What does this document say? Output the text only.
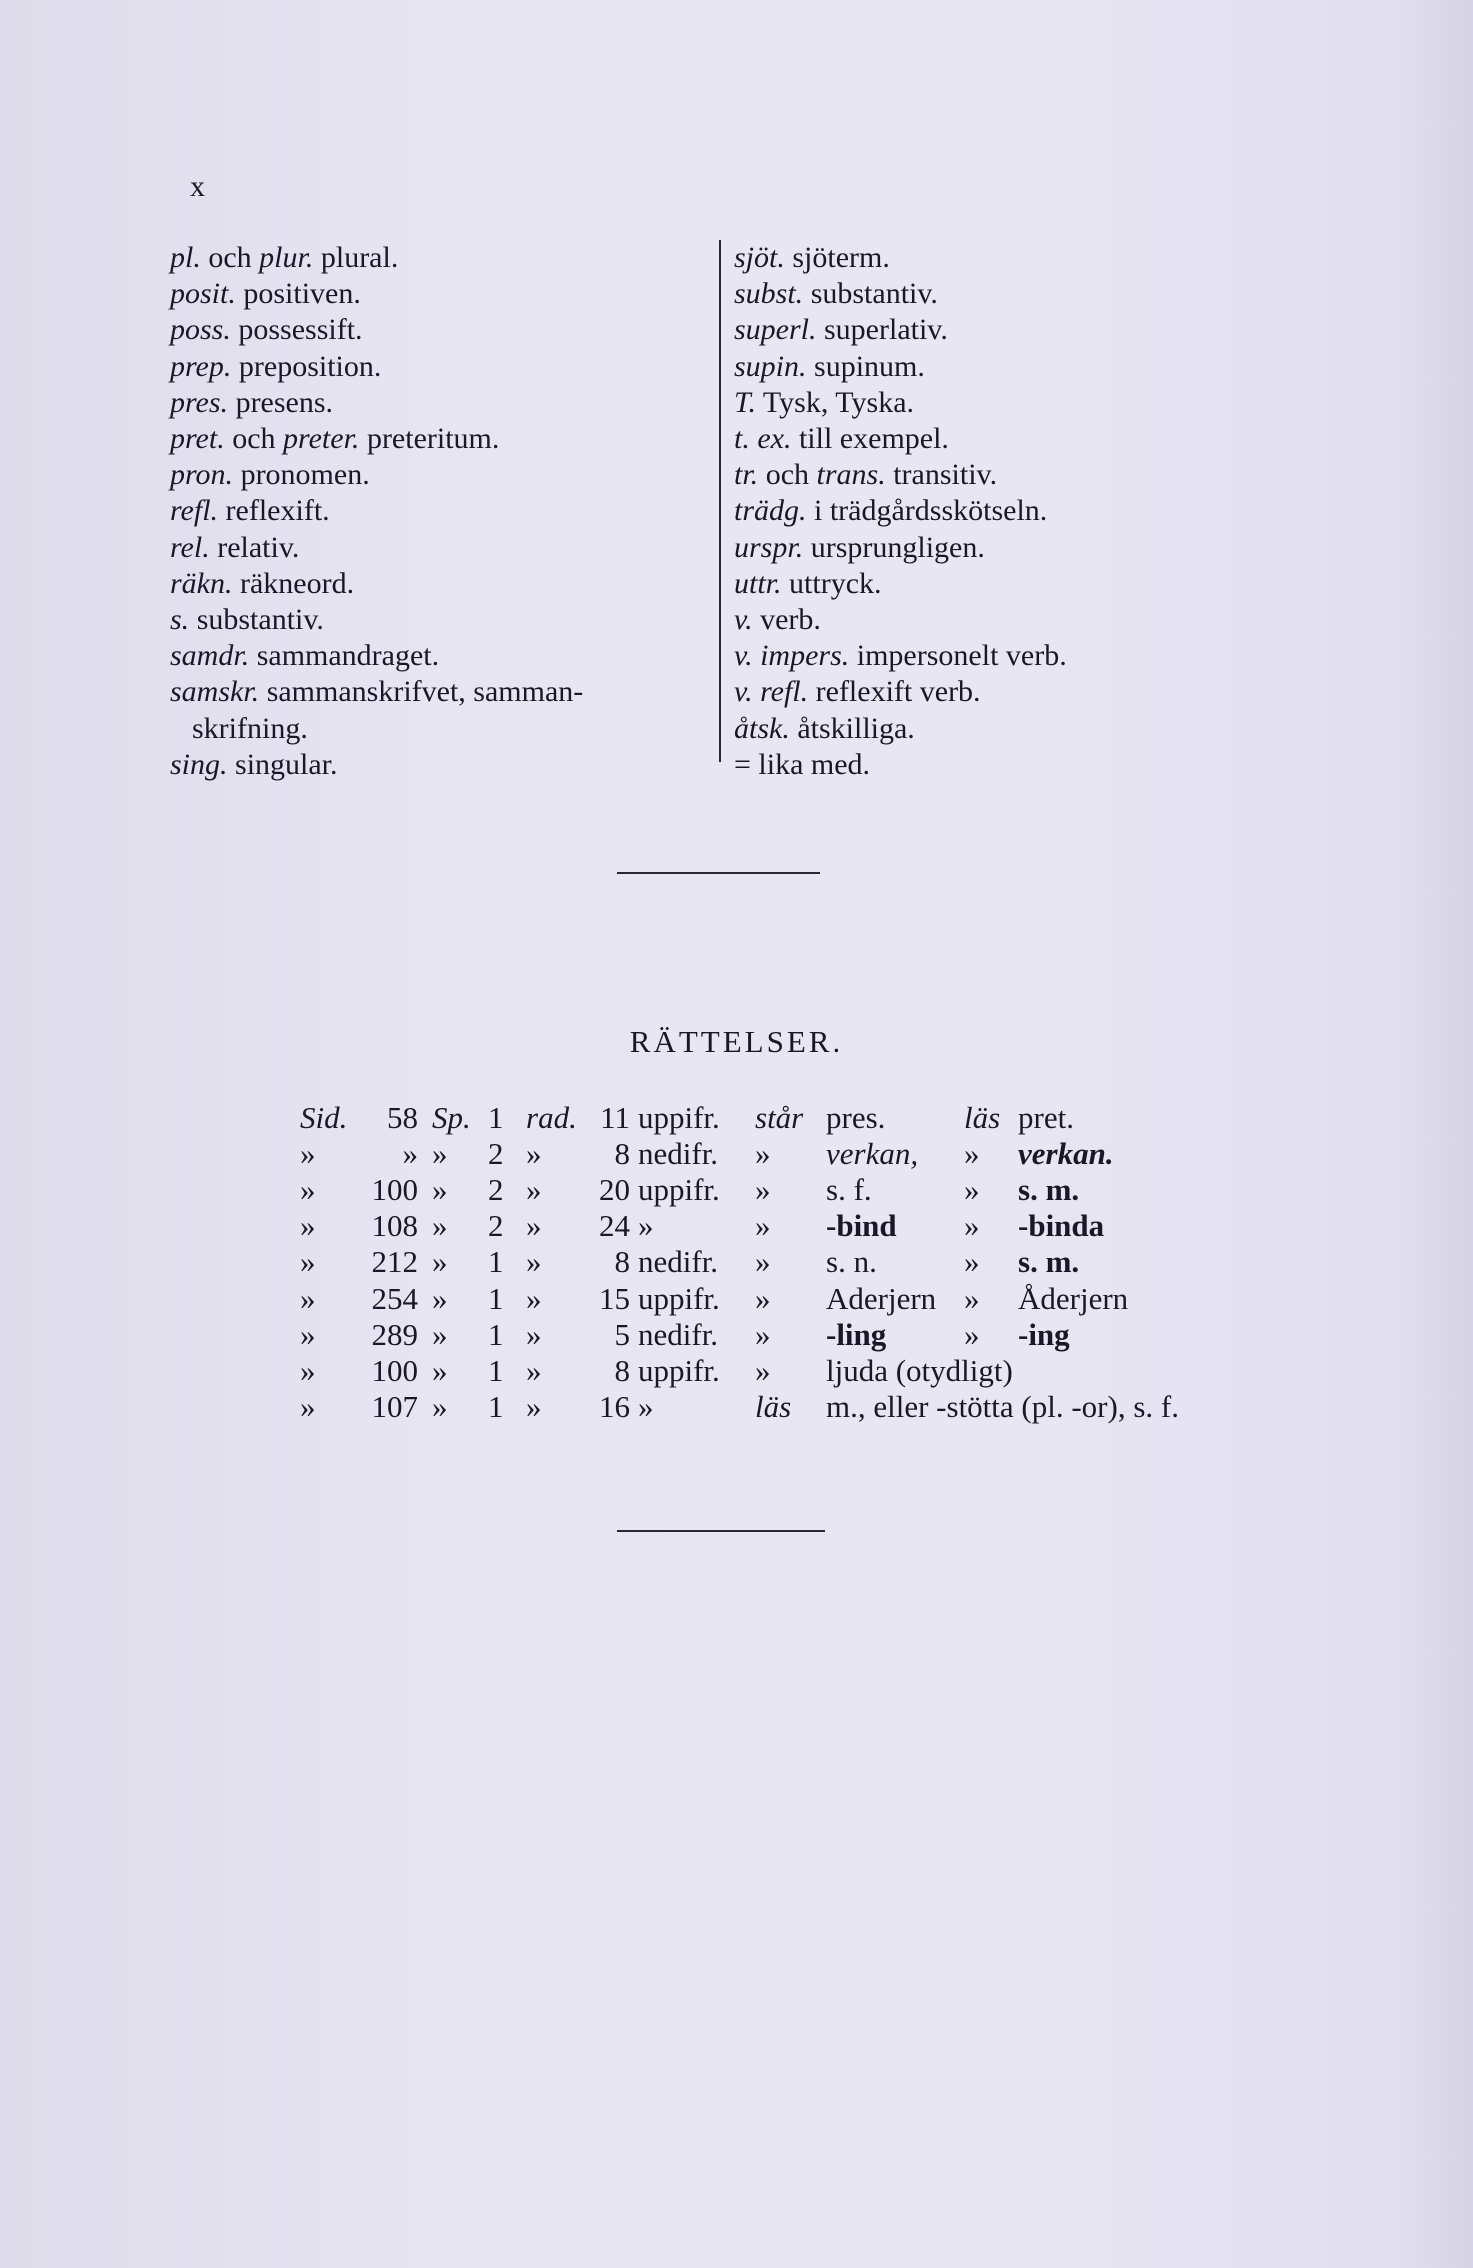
x
pl. och plur. plural.
posit. positiven.
poss. possessift.
prep. preposition.
pres. presens.
pret. och preter. preteritum.
pron. pronomen.
refl. reflexift.
rel. relativ.
räkn. räkneord.
s. substantiv.
samdr. sammandraget.
samskr. sammanskrifvet, samman-
skrifning.
sing. singular.
sjöt. sjöterm.
subst. substantiv.
superl. superlativ.
supin. supinum.
T. Tysk, Tyska.
t. ex. till exempel.
tr. och trans. transitiv.
trädg. i trädgårdsskötseln.
urspr. ursprungligen.
uttr. uttryck.
v. verb.
v. impers. impersonelt verb.
v. refl. reflexift verb.
åtsk. åtskilliga.
= lika med.
RÄTTELSER.
Sid. 58 Sp. 1 rad. 11 uppifr. står pres.	läs pret.
»	» » 2 » 8 nedifr. » verkan, » verkan.
» 100 » 2 » 20 uppifr. » s. f.	» s. m.
» 108 » 2 » 24 »	» -bind » -binda
» 212 » 1 » 8 nedifr. » s. n.	» s. m.
» 254 » 1 » 15 uppifr. » Aderjern » Åderjern
» 289 » 1 » 5 nedifr. » -ling	» -ing
» 100 » 1 » 8 uppifr. » ljuda (otydligt)
» 107 » 1 » 16 »	läs m., eller -stötta (pl. -or), s. f.
